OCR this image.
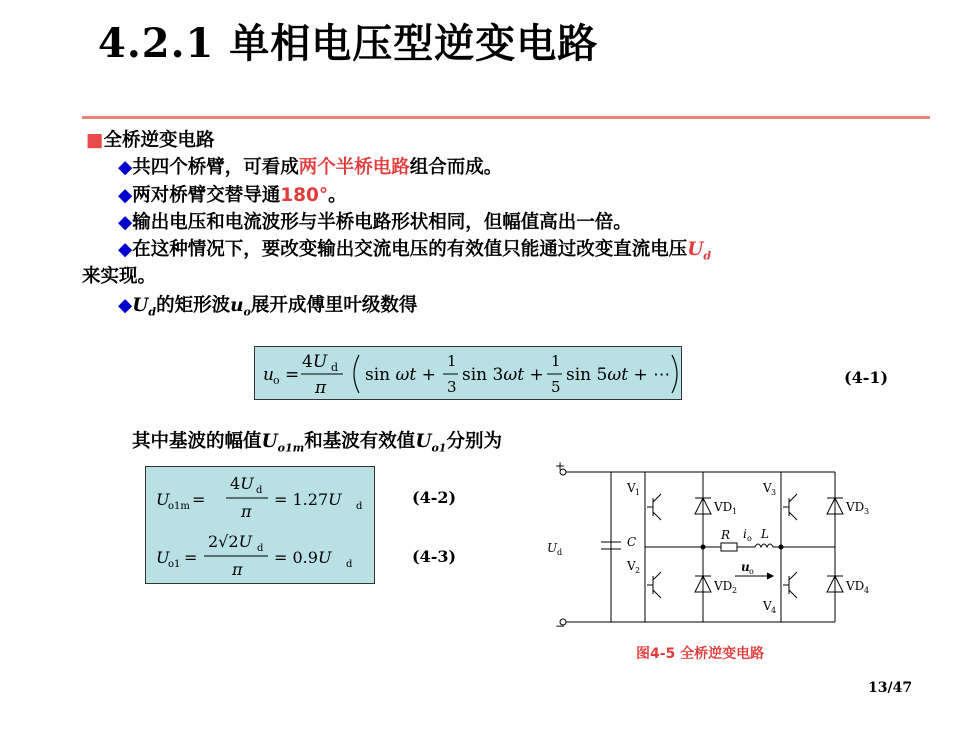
4.2.1 单相电压型逆变电路
■全桥逆变电路
◆共四个桥臂，可看成两个半桥电路组合而成。
◆两对桥臂交替导通180°。
◆输出电压和电流波形与半桥电路形状相同，但幅值高出一倍。
◆在这种情况下，要改变输出交流电压的有效值只能通过改变直流电压$U_d$
来实现。
$◆U_d$的矩形波$u_o$展开成傅里叶级数得
u o =
4U d
π
sin ωt +
1
3
sin 3ωt +
1
5
sin 5ωt + ⋯	(4-1)
其中基波的幅值$U_{o1m}$和基波有效值$U_{o1}$分别为
U
o1m =
4U d
π
= 1.27U d
U
o1 =
2√2U d
π
= 0.9U d
(4-2)
(4-3)
+
−
U d
C
V 1
V 2
V 3
V 4
VD 1
VD 2
VD 3
VD 4
R i o L
u o
图4-5 全桥逆变电路
13/47
